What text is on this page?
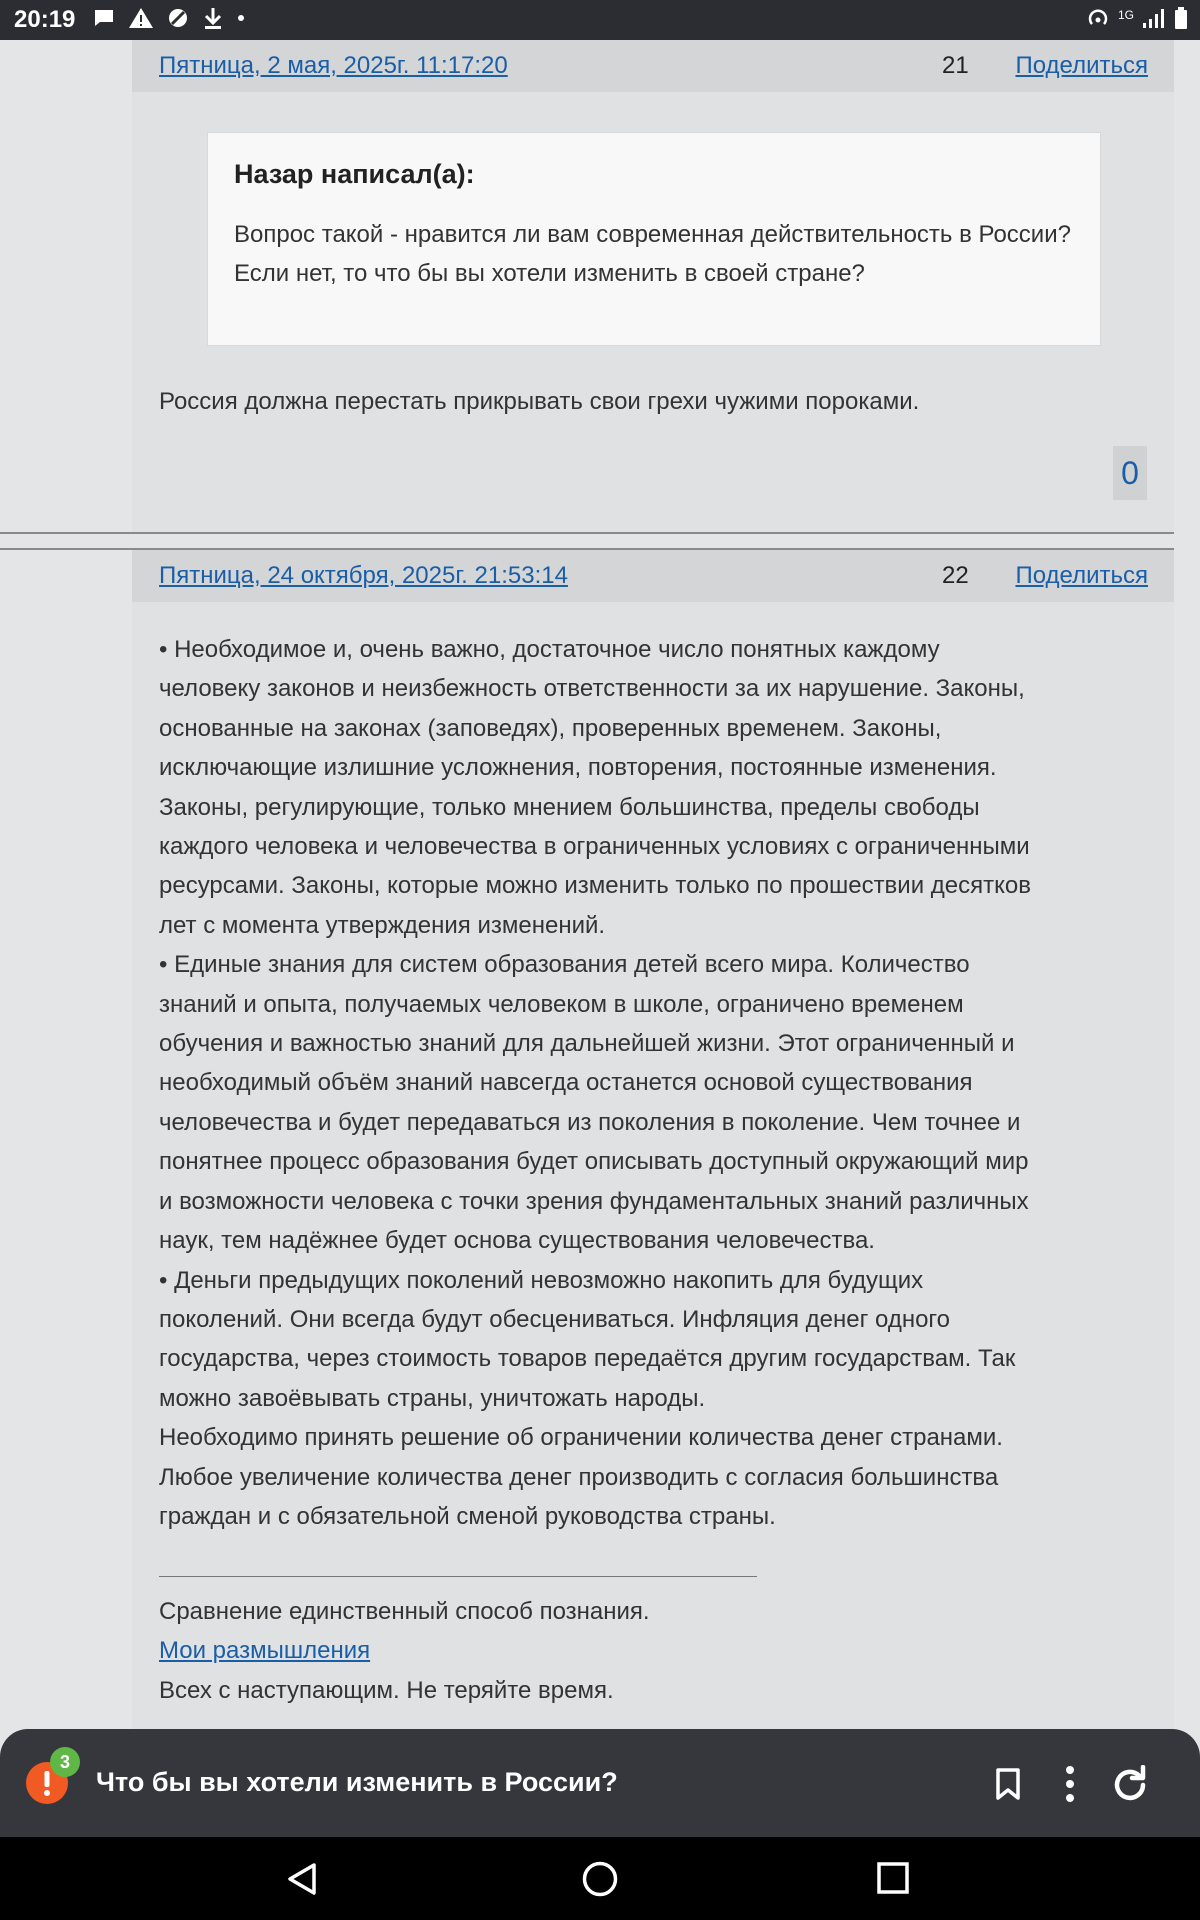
20:19	1G
Пятница, 2 мая, 2025г. 11:17:20	21 Поделиться
Назар написал(а):
Вопрос такой - нравится ли вам современная действительность в России? Если нет, то что бы вы хотели изменить в своей стране?
Россия должна перестать прикрывать свои грехи чужими пороками.
0
Пятница, 24 октября, 2025г. 21:53:14	22 Поделиться
• Необходимое и, очень важно, достаточное число понятных каждому
человеку законов и неизбежность ответственности за их нарушение. Законы,
основанные на законах (заповедях), проверенных временем. Законы,
исключающие излишние усложнения, повторения, постоянные изменения.
Законы, регулирующие, только мнением большинства, пределы свободы
каждого человека и человечества в ограниченных условиях с ограниченными
ресурсами. Законы, которые можно изменить только по прошествии десятков
лет с момента утверждения изменений.
• Единые знания для систем образования детей всего мира. Количество
знаний и опыта, получаемых человеком в школе, ограничено временем
обучения и важностью знаний для дальнейшей жизни. Этот ограниченный и
необходимый объём знаний навсегда останется основой существования
человечества и будет передаваться из поколения в поколение. Чем точнее и
понятнее процесс образования будет описывать доступный окружающий мир
и возможности человека с точки зрения фундаментальных знаний различных
наук, тем надёжнее будет основа существования человечества.
• Деньги предыдущих поколений невозможно накопить для будущих
поколений. Они всегда будут обесцениваться. Инфляция денег одного
государства, через стоимость товаров передаётся другим государствам. Так
можно завоёвывать страны, уничтожать народы.
Необходимо принять решение об ограничении количества денег странами.
Любое увеличение количества денег производить с согласия большинства
граждан и с обязательной сменой руководства страны.
Сравнение единственный способ познания.
Мои размышления
Всех с наступающим. Не теряйте время.
3
Что бы вы хотели изменить в России?
